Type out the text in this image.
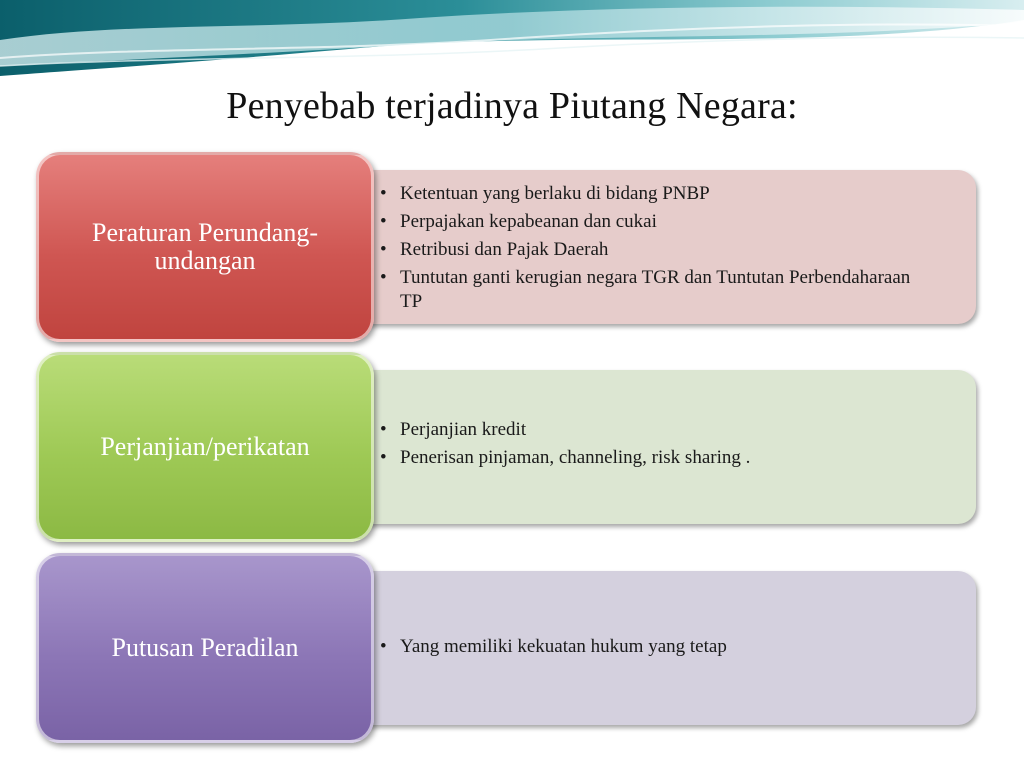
Penyebab terjadinya Piutang Negara:
• Ketentuan yang berlaku di bidang PNBP
• Perpajakan kepabeanan dan cukai
• Retribusi dan Pajak Daerah
• Tuntutan ganti kerugian negara TGR dan Tuntutan Perbendaharaan TP
Peraturan Perundang-undangan
• Perjanjian kredit
• Penerisan pinjaman, channeling, risk sharing .
Perjanjian/perikatan
• Yang memiliki kekuatan hukum yang tetap
Putusan Peradilan
